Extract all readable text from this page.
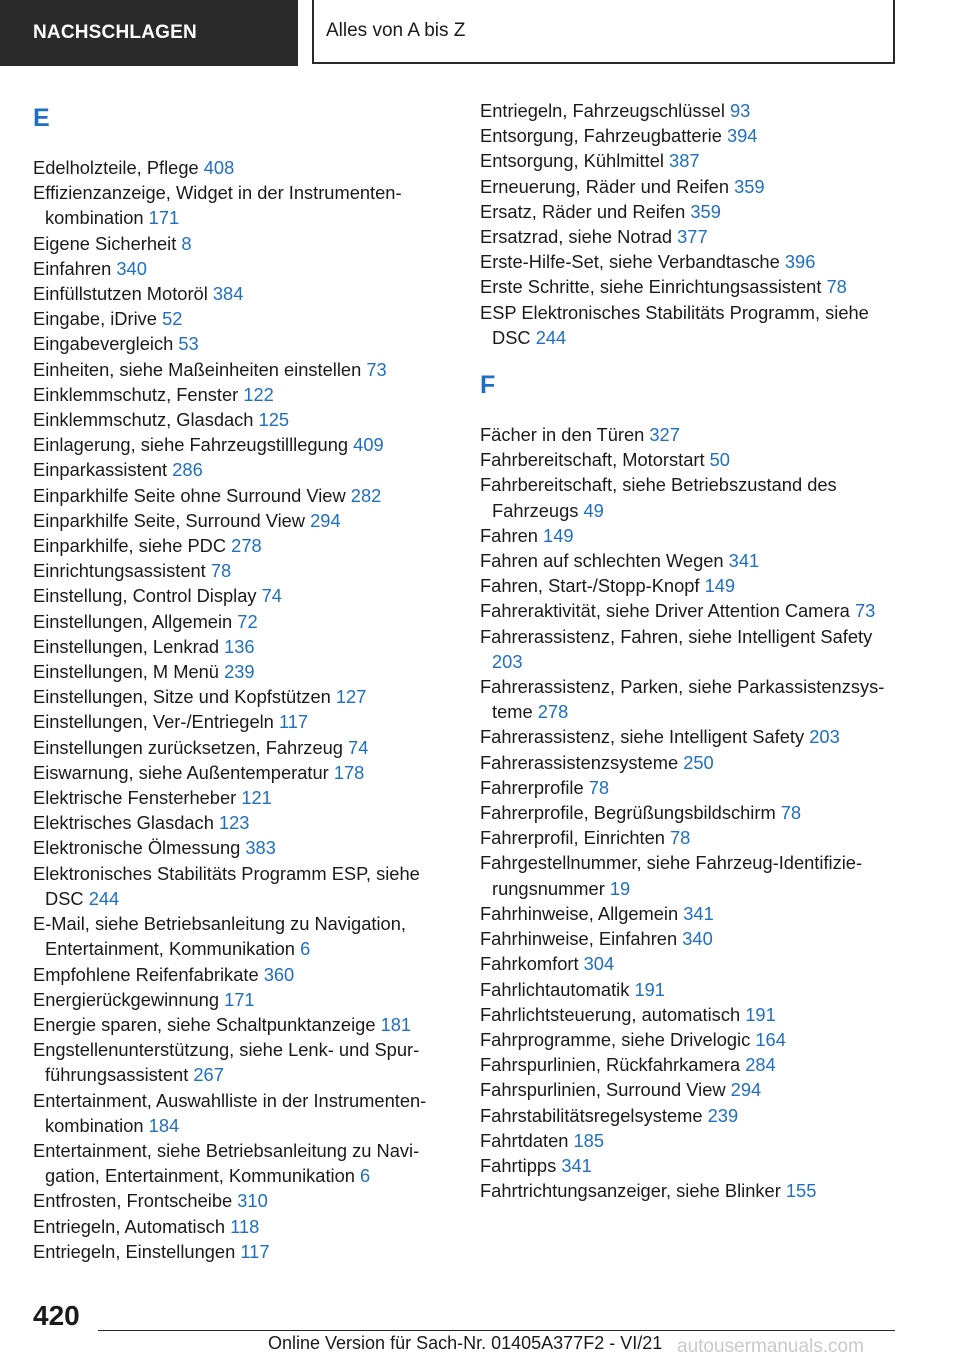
NACHSCHLAGEN	Alles von A bis Z
E
Edelholzteile, Pflege 408
Effizienzanzeige, Widget in der Instrumentenkombination 171
Eigene Sicherheit 8
Einfahren 340
Einfüllstutzen Motoröl 384
Eingabe, iDrive 52
Eingabevergleich 53
Einheiten, siehe Maßeinheiten einstellen 73
Einklemmschutz, Fenster 122
Einklemmschutz, Glasdach 125
Einlagerung, siehe Fahrzeugstilllegung 409
Einparkassistent 286
Einparkhilfe Seite ohne Surround View 282
Einparkhilfe Seite, Surround View 294
Einparkhilfe, siehe PDC 278
Einrichtungsassistent 78
Einstellung, Control Display 74
Einstellungen, Allgemein 72
Einstellungen, Lenkrad 136
Einstellungen, M Menü 239
Einstellungen, Sitze und Kopfstützen 127
Einstellungen, Ver-/Entriegeln 117
Einstellungen zurücksetzen, Fahrzeug 74
Eiswarnung, siehe Außentemperatur 178
Elektrische Fensterheber 121
Elektrisches Glasdach 123
Elektronische Ölmessung 383
Elektronisches Stabilitäts Programm ESP, siehe DSC 244
E-Mail, siehe Betriebsanleitung zu Navigation, Entertainment, Kommunikation 6
Empfohlene Reifenfabrikate 360
Energierückgewinnung 171
Energie sparen, siehe Schaltpunktanzeige 181
Engstellenunterstützung, siehe Lenk- und Spurführungsassistent 267
Entertainment, Auswahlliste in der Instrumentenkombination 184
Entertainment, siehe Betriebsanleitung zu Navigation, Entertainment, Kommunikation 6
Entfrosten, Frontscheibe 310
Entriegeln, Automatisch 118
Entriegeln, Einstellungen 117
Entriegeln, Fahrzeugschlüssel 93
Entsorgung, Fahrzeugbatterie 394
Entsorgung, Kühlmittel 387
Erneuerung, Räder und Reifen 359
Ersatz, Räder und Reifen 359
Ersatzrad, siehe Notrad 377
Erste-Hilfe-Set, siehe Verbandtasche 396
Erste Schritte, siehe Einrichtungsassistent 78
ESP Elektronisches Stabilitäts Programm, siehe DSC 244
F
Fächer in den Türen 327
Fahrbereitschaft, Motorstart 50
Fahrbereitschaft, siehe Betriebszustand des Fahrzeugs 49
Fahren 149
Fahren auf schlechten Wegen 341
Fahren, Start-/Stopp-Knopf 149
Fahreraktivität, siehe Driver Attention Camera 73
Fahrerassistenz, Fahren, siehe Intelligent Safety 203
Fahrerassistenz, Parken, siehe Parkassistenzsysteme 278
Fahrerassistenz, siehe Intelligent Safety 203
Fahrerassistenzsysteme 250
Fahrerprofile 78
Fahrerprofile, Begrüßungsbildschirm 78
Fahrerprofil, Einrichten 78
Fahrgestellnummer, siehe Fahrzeug-Identifizierungsnummer 19
Fahrhinweise, Allgemein 341
Fahrhinweise, Einfahren 340
Fahrkomfort 304
Fahrlichtautomatik 191
Fahrlichtsteuerung, automatisch 191
Fahrprogramme, siehe Drivelogic 164
Fahrspurlinien, Rückfahrkamera 284
Fahrspurlinien, Surround View 294
Fahrstabilitätsregelsysteme 239
Fahrtdaten 185
Fahrtipps 341
Fahrtrichtungsanzeiger, siehe Blinker 155
420
Online Version für Sach-Nr. 01405A377F2 - VI/21 autousermanuals.com
